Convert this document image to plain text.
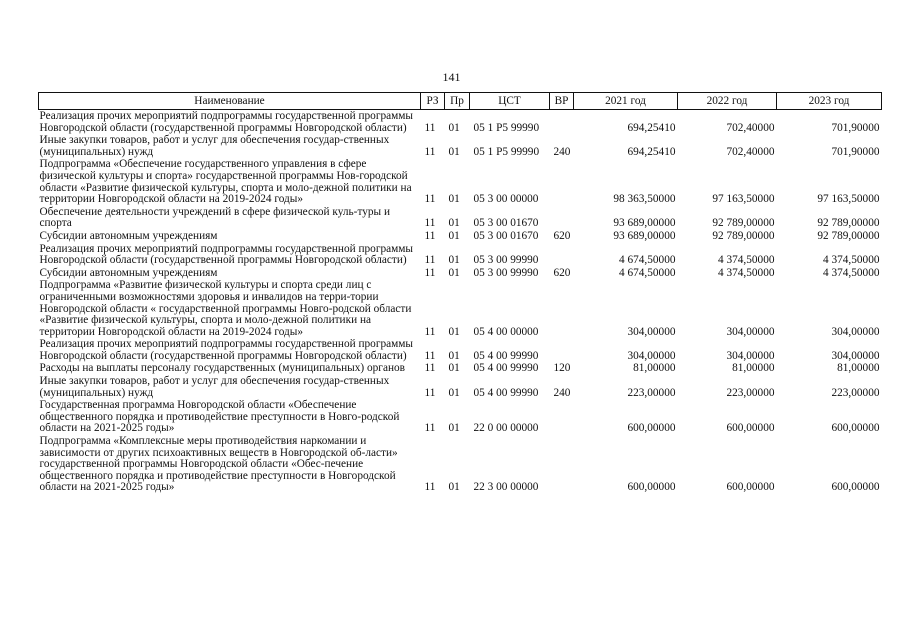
141
Наименование	РЗ	Пр	ЦСТ	ВР	2021 год	2022 год	2023 год
Реализация прочих мероприятий подпрограммы государственной программы Новгородской области (государственной программы Новгородской области)	11	01	05 1 P5 99990		694,25410	702,40000	701,90000
Иные закупки товаров, работ и услуг для обеспечения государ-ственных (муниципальных) нужд	11	01	05 1 P5 99990	240	694,25410	702,40000	701,90000
Подпрограмма «Обеспечение государственного управления в сфере физической культуры и спорта» государственной программы Нов-городской области «Развитие физической культуры, спорта и моло-дежной политики на территории Новгородской области на 2019-2024 годы»	11	01	05 3 00 00000		98 363,50000	97 163,50000	97 163,50000
Обеспечение деятельности учреждений в сфере физической куль-туры и спорта	11	01	05 3 00 01670		93 689,00000	92 789,00000	92 789,00000
Субсидии автономным учреждениям	11	01	05 3 00 01670	620	93 689,00000	92 789,00000	92 789,00000
Реализация прочих мероприятий подпрограммы государственной программы Новгородской области (государственной программы Новгородской области)	11	01	05 3 00 99990		4 674,50000	4 374,50000	4 374,50000
Субсидии автономным учреждениям	11	01	05 3 00 99990	620	4 674,50000	4 374,50000	4 374,50000
Подпрограмма «Развитие физической культуры и спорта среди лиц с ограниченными возможностями здоровья и инвалидов на терри-тории Новгородской области « государственной программы Новго-родской области «Развитие физической культуры, спорта и моло-дежной политики на территории Новгородской области на 2019-2024 годы»	11	01	05 4 00 00000		304,00000	304,00000	304,00000
Реализация прочих мероприятий подпрограммы государственной программы Новгородской области (государственной программы Новгородской области)	11	01	05 4 00 99990		304,00000	304,00000	304,00000
Расходы на выплаты персоналу государственных (муниципальных) органов	11	01	05 4 00 99990	120	81,00000	81,00000	81,00000
Иные закупки товаров, работ и услуг для обеспечения государ-ственных (муниципальных) нужд	11	01	05 4 00 99990	240	223,00000	223,00000	223,00000
Государственная программа Новгородской области «Обеспечение общественного порядка и противодействие преступности в Новго-родской области на 2021-2025 годы»	11	01	22 0 00 00000		600,00000	600,00000	600,00000
Подпрограмма «Комплексные меры противодействия наркомании и зависимости от других психоактивных веществ в Новгородской об-ласти» государственной программы Новгородской области «Обес-печение общественного порядка и противодействие преступности в Новгородской области на 2021-2025 годы»	11	01	22 3 00 00000		600,00000	600,00000	600,00000
